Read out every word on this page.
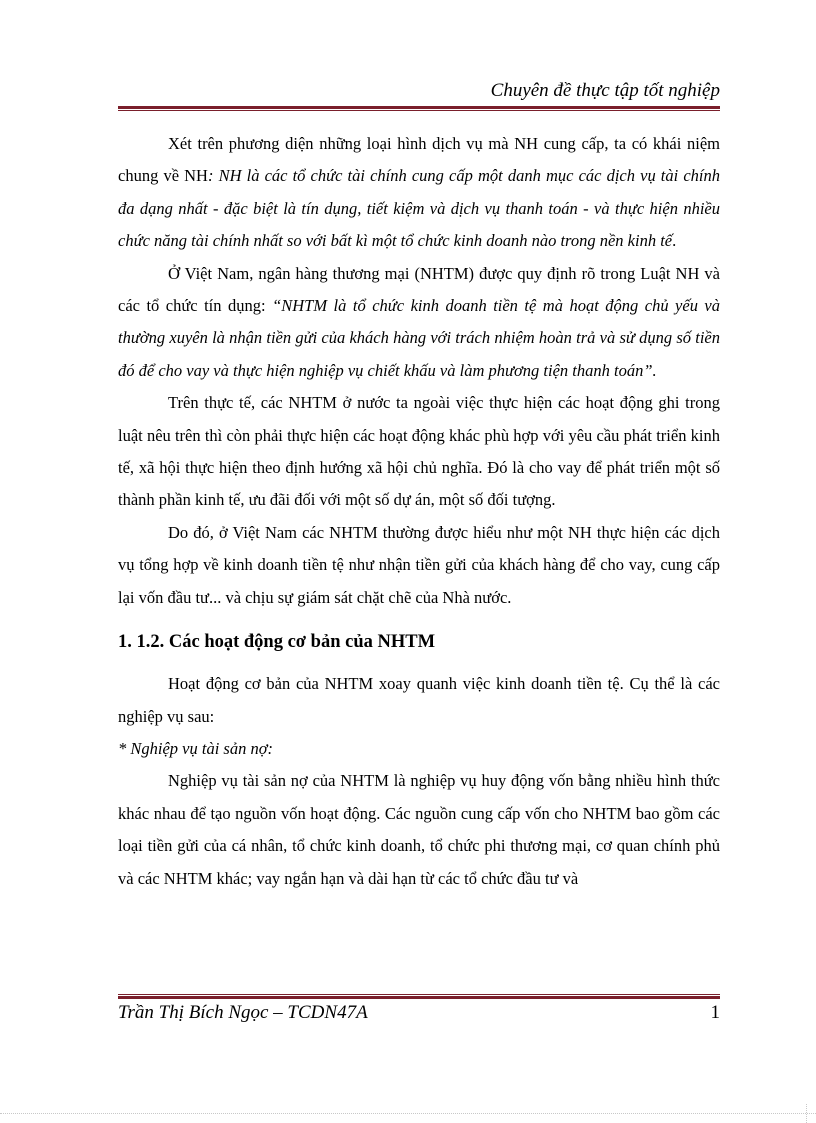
Chuyên đề thực tập tốt nghiệp

Xét trên phương diện những loại hình dịch vụ mà NH cung cấp, ta có khái niệm chung về NH: NH là các tổ chức tài chính cung cấp một danh mục các dịch vụ tài chính đa dạng nhất - đặc biệt là tín dụng, tiết kiệm và dịch vụ thanh toán - và thực hiện nhiều chức năng tài chính nhất so với bất kì một tổ chức kinh doanh nào trong nền kinh tế.

Ở Việt Nam, ngân hàng thương mại (NHTM) được quy định rõ trong Luật NH và các tổ chức tín dụng: “NHTM là tổ chức kinh doanh tiền tệ mà hoạt động chủ yếu và thường xuyên là nhận tiền gửi của khách hàng với trách nhiệm hoàn trả và sử dụng số tiền đó để cho vay và thực hiện nghiệp vụ chiết khấu và làm phương tiện thanh toán”.

Trên thực tế, các NHTM ở nước ta ngoài việc thực hiện các hoạt động ghi trong luật nêu trên thì còn phải thực hiện các hoạt động khác phù hợp với yêu cầu phát triển kinh tế, xã hội thực hiện theo định hướng xã hội chủ nghĩa. Đó là cho vay để phát triển một số thành phần kinh tế, ưu đãi đối với một số dự án, một số đối tượng.

Do đó, ở Việt Nam các NHTM thường được hiểu như một NH thực hiện các dịch vụ tổng hợp về kinh doanh tiền tệ như nhận tiền gửi của khách hàng để cho vay, cung cấp lại vốn đầu tư... và chịu sự giám sát chặt chẽ của Nhà nước.

1. 1.2. Các hoạt động cơ bản của NHTM

Hoạt động cơ bản của NHTM xoay quanh việc kinh doanh tiền tệ. Cụ thể là các nghiệp vụ sau:

* Nghiệp vụ tài sản nợ:

Nghiệp vụ tài sản nợ của NHTM là nghiệp vụ huy động vốn bằng nhiều hình thức khác nhau để tạo nguồn vốn hoạt động. Các nguồn cung cấp vốn cho NHTM bao gồm các loại tiền gửi của cá nhân, tổ chức kinh doanh, tổ chức phi thương mại, cơ quan chính phủ và các NHTM khác; vay ngắn hạn và dài hạn từ các tổ chức đầu tư và

Trần Thị Bích Ngọc – TCDN47A	1
